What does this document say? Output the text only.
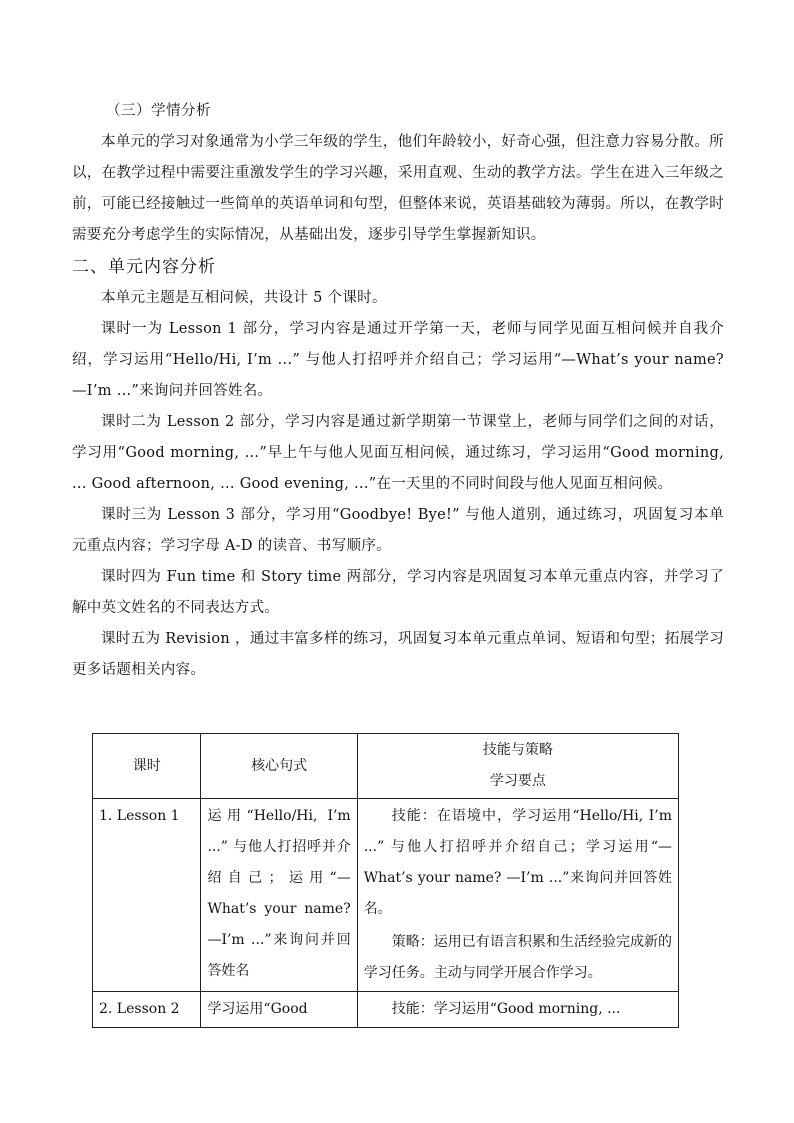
（三）学情分析

本单元的学习对象通常为小学三年级的学生，他们年龄较小，好奇心强，但注意力容易分散。所以，在教学过程中需要注重激发学生的学习兴趣，采用直观、生动的教学方法。学生在进入三年级之前，可能已经接触过一些简单的英语单词和句型，但整体来说，英语基础较为薄弱。所以，在教学时需要充分考虑学生的实际情况，从基础出发，逐步引导学生掌握新知识。

二、单元内容分析

本单元主题是互相问候，共设计 5 个课时。

课时一为 Lesson 1 部分，学习内容是通过开学第一天，老师与同学见面互相问候并自我介绍，学习运用“Hello/Hi, I’m ...” 与他人打招呼并介绍自己；学习运用“—What’s your name? —I’m ...”来询问并回答姓名。

课时二为 Lesson 2 部分，学习内容是通过新学期第一节课堂上，老师与同学们之间的对话，学习用“Good morning, ...”早上午与他人见面互相问候，通过练习，学习运用“Good morning, ... Good afternoon, ... Good evening, ...”在一天里的不同时间段与他人见面互相问候。

课时三为 Lesson 3 部分，学习用“Goodbye! Bye!” 与他人道别，通过练习，巩固复习本单元重点内容；学习字母 A-D 的读音、书写顺序。

课时四为 Fun time 和 Story time 两部分，学习内容是巩固复习本单元重点内容，并学习了解中英文姓名的不同表达方式。

课时五为 Revision ，通过丰富多样的练习，巩固复习本单元重点单词、短语和句型；拓展学习更多话题相关内容。

课时	核心句式	技能与策略
学习要点

1. Lesson 1	运用“Hello/Hi, I’m ...” 与他人打招呼并介绍自己；运用“—What’s your name? —I’m ...”来询问并回答姓名	技能：在语境中，学习运用“Hello/Hi, I’m ...” 与他人打招呼并介绍自己；学习运用“—What’s your name? —I’m ...”来询问并回答姓名。
策略：运用已有语言积累和生活经验完成新的学习任务。主动与同学开展合作学习。

2. Lesson 2	学习运用“Good	技能：学习运用“Good morning, ...
